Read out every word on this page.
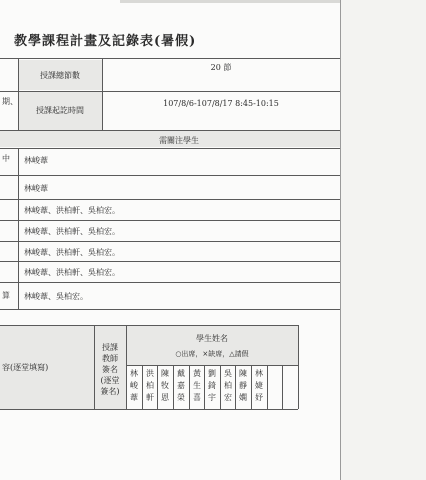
教學課程計畫及記錄表(暑假)
授課總節數
20 節
期、
授課起訖時間
107/8/6-107/8/17 8:45-10:15
需關注學生
中 林峻葦
林峻葦
林峻葦、洪柏軒、吳柏宏。
林峻葦、洪柏軒、吳柏宏。
林峻葦、洪柏軒、吳柏宏。
林峻葦、洪柏軒、吳柏宏。
算 林峻葦、吳柏宏。
容(逐堂填寫)
授課
教師
簽名
(逐堂
簽名)
學生姓名
○出席，×缺席，△請假
林峻葦
洪柏軒
陳牧恩
戴嘉榮
黃生喜
劉錡宇
吳柏宏
陳靜嫻
林婕妤
